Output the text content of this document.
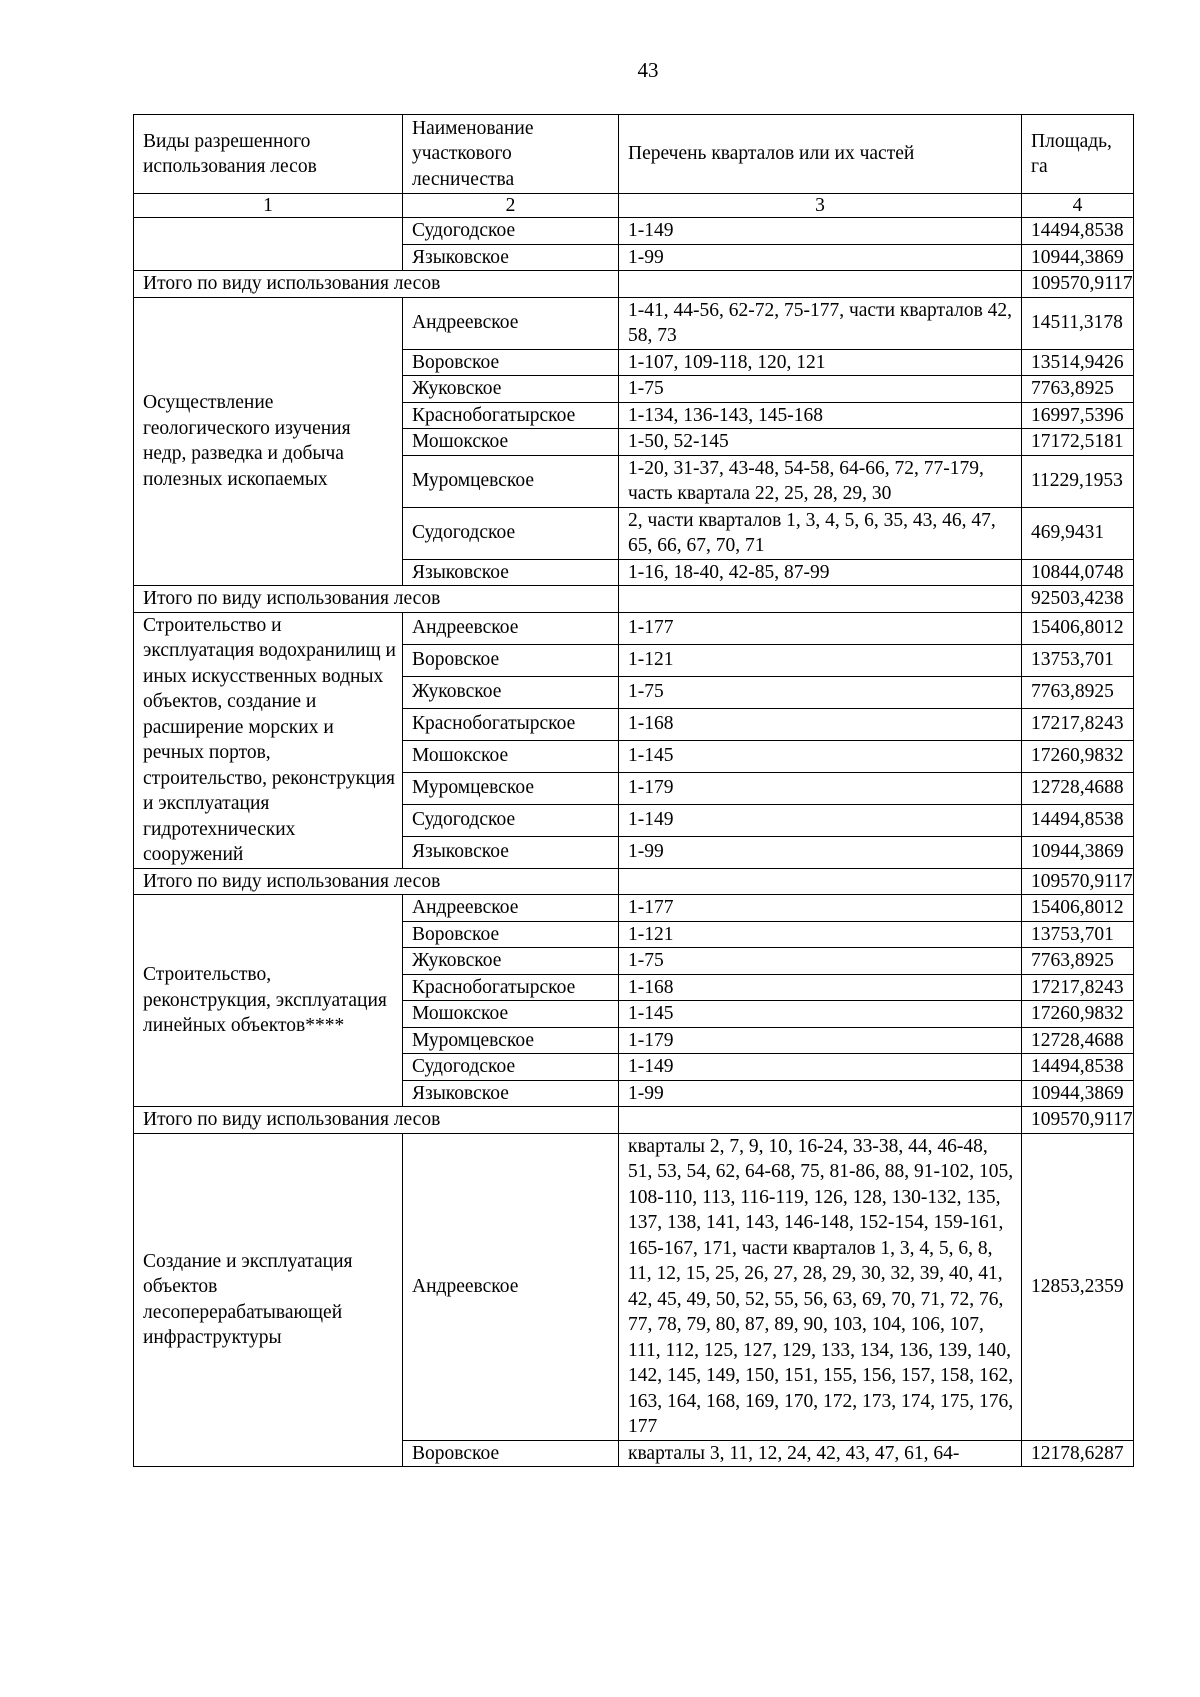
43
Виды разрешенного использования лесов	Наименование участкового лесничества	Перечень кварталов или их частей	Площадь, га
1	2	3	4
	Судогодское	1-149	14494,8538
	Языковское	1-99	10944,3869
Итого по виду использования лесов			109570,9117
Осуществление геологического изучения недр, разведка и добыча полезных ископаемых	Андреевское	1-41, 44-56, 62-72, 75-177, части кварталов 42, 58, 73	14511,3178
	Воровское	1-107, 109-118, 120, 121	13514,9426
	Жуковское	1-75	7763,8925
	Краснобогатырское	1-134, 136-143, 145-168	16997,5396
	Мошокское	1-50, 52-145	17172,5181
	Муромцевское	1-20, 31-37, 43-48, 54-58, 64-66, 72, 77-179, часть квартала 22, 25, 28, 29, 30	11229,1953
	Судогодское	2, части кварталов 1, 3, 4, 5, 6, 35, 43, 46, 47, 65, 66, 67, 70, 71	469,9431
	Языковское	1-16, 18-40, 42-85, 87-99	10844,0748
Итого по виду использования лесов			92503,4238
Строительство и эксплуатация водохранилищ и иных искусственных водных объектов, создание и расширение морских и речных портов, строительство, реконструкция и эксплуатация гидротехнических сооружений	Андреевское	1-177	15406,8012
	Воровское	1-121	13753,701
	Жуковское	1-75	7763,8925
	Краснобогатырское	1-168	17217,8243
	Мошокское	1-145	17260,9832
	Муромцевское	1-179	12728,4688
	Судогодское	1-149	14494,8538
	Языковское	1-99	10944,3869
Итого по виду использования лесов			109570,9117
Строительство, реконструкция, эксплуатация линейных объектов****	Андреевское	1-177	15406,8012
	Воровское	1-121	13753,701
	Жуковское	1-75	7763,8925
	Краснобогатырское	1-168	17217,8243
	Мошокское	1-145	17260,9832
	Муромцевское	1-179	12728,4688
	Судогодское	1-149	14494,8538
	Языковское	1-99	10944,3869
Итого по виду использования лесов			109570,9117
Создание и эксплуатация объектов лесоперерабатывающей инфраструктуры	Андреевское	кварталы 2, 7, 9, 10, 16-24, 33-38, 44, 46-48, 51, 53, 54, 62, 64-68, 75, 81-86, 88, 91-102, 105, 108-110, 113, 116-119, 126, 128, 130-132, 135, 137, 138, 141, 143, 146-148, 152-154, 159-161, 165-167, 171, части кварталов 1, 3, 4, 5, 6, 8, 11, 12, 15, 25, 26, 27, 28, 29, 30, 32, 39, 40, 41, 42, 45, 49, 50, 52, 55, 56, 63, 69, 70, 71, 72, 76, 77, 78, 79, 80, 87, 89, 90, 103, 104, 106, 107, 111, 112, 125, 127, 129, 133, 134, 136, 139, 140, 142, 145, 149, 150, 151, 155, 156, 157, 158, 162, 163, 164, 168, 169, 170, 172, 173, 174, 175, 176, 177	12853,2359
	Воровское	кварталы 3, 11, 12, 24, 42, 43, 47, 61, 64-	12178,6287
